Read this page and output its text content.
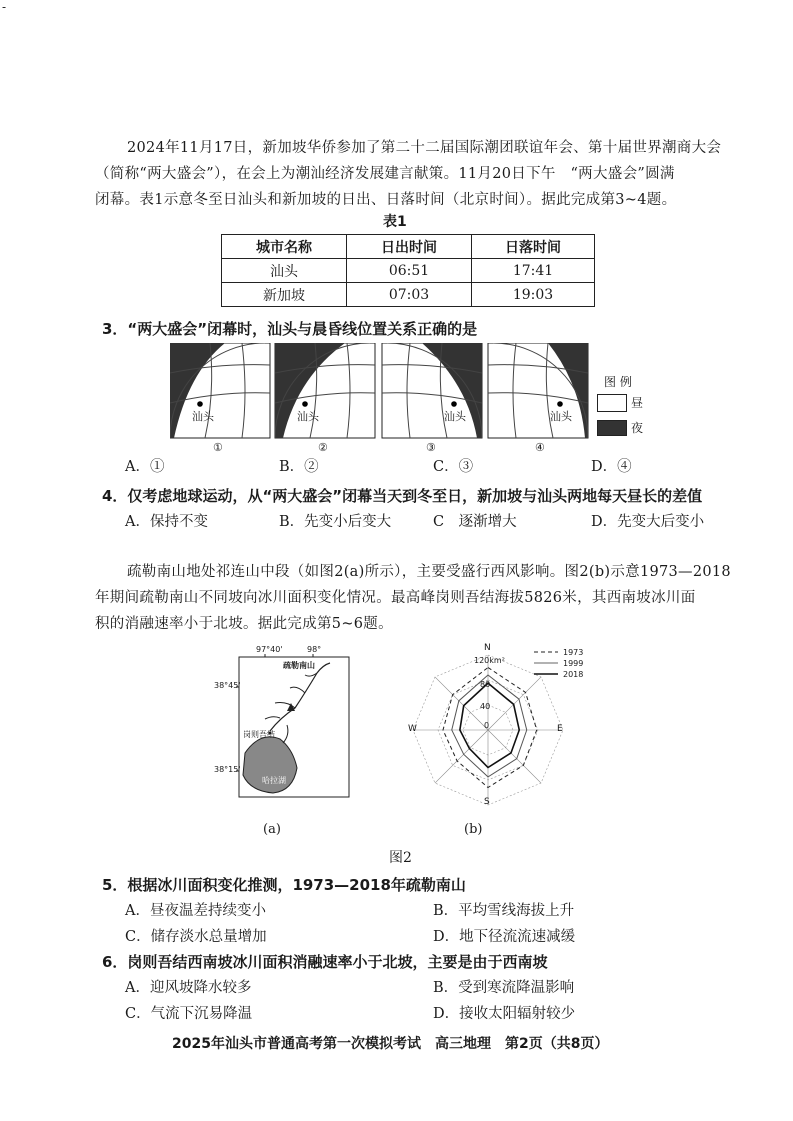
-
2024年11月17日，新加坡华侨参加了第二十二届国际潮团联谊年会、第十届世界潮商大会
（简称“两大盛会”），在会上为潮汕经济发展建言献策。11月20日下午　“两大盛会”圆满
闭幕。表1示意冬至日汕头和新加坡的日出、日落时间（北京时间）。据此完成第3~4题。
表1
城市名称	日出时间	日落时间
汕头	06:51	17:41
新加坡	07:03	19:03
3．“两大盛会”闭幕时，汕头与晨昏线位置关系正确的是
汕头	汕头	汕头	汕头
①	②	③	④
图 例
昼
夜
A．①	B．②	C．③	D．④
4．仅考虑地球运动，从“两大盛会”闭幕当天到冬至日，新加坡与汕头两地每天昼长的差值
A．保持不变	B．先变小后变大	C　逐渐增大	D．先变大后变小
疏勒南山地处祁连山中段（如图2(a)所示），主要受盛行西风影响。图2(b)示意1973—2018
年期间疏勒南山不同坡向冰川面积变化情况。最高峰岗则吾结海拔5826米，其西南坡冰川面
积的消融速率小于北坡。据此完成第5~6题。
97°40'	98°
38°45'
38°15'
疏勒南山
岗则吾结
哈拉湖
(a)
N
S
E
W
120km²
80
40
0
1973
1999
2018
(b)
图2
5．根据冰川面积变化推测，1973—2018年疏勒南山
A．昼夜温差持续变小	B．平均雪线海拔上升
C．储存淡水总量增加	D．地下径流流速减缓
6．岗则吾结西南坡冰川面积消融速率小于北坡，主要是由于西南坡
A．迎风坡降水较多	B．受到寒流降温影响
C．气流下沉易降温	D．接收太阳辐射较少
2025年汕头市普通高考第一次模拟考试　高三地理　第2页（共8页）
